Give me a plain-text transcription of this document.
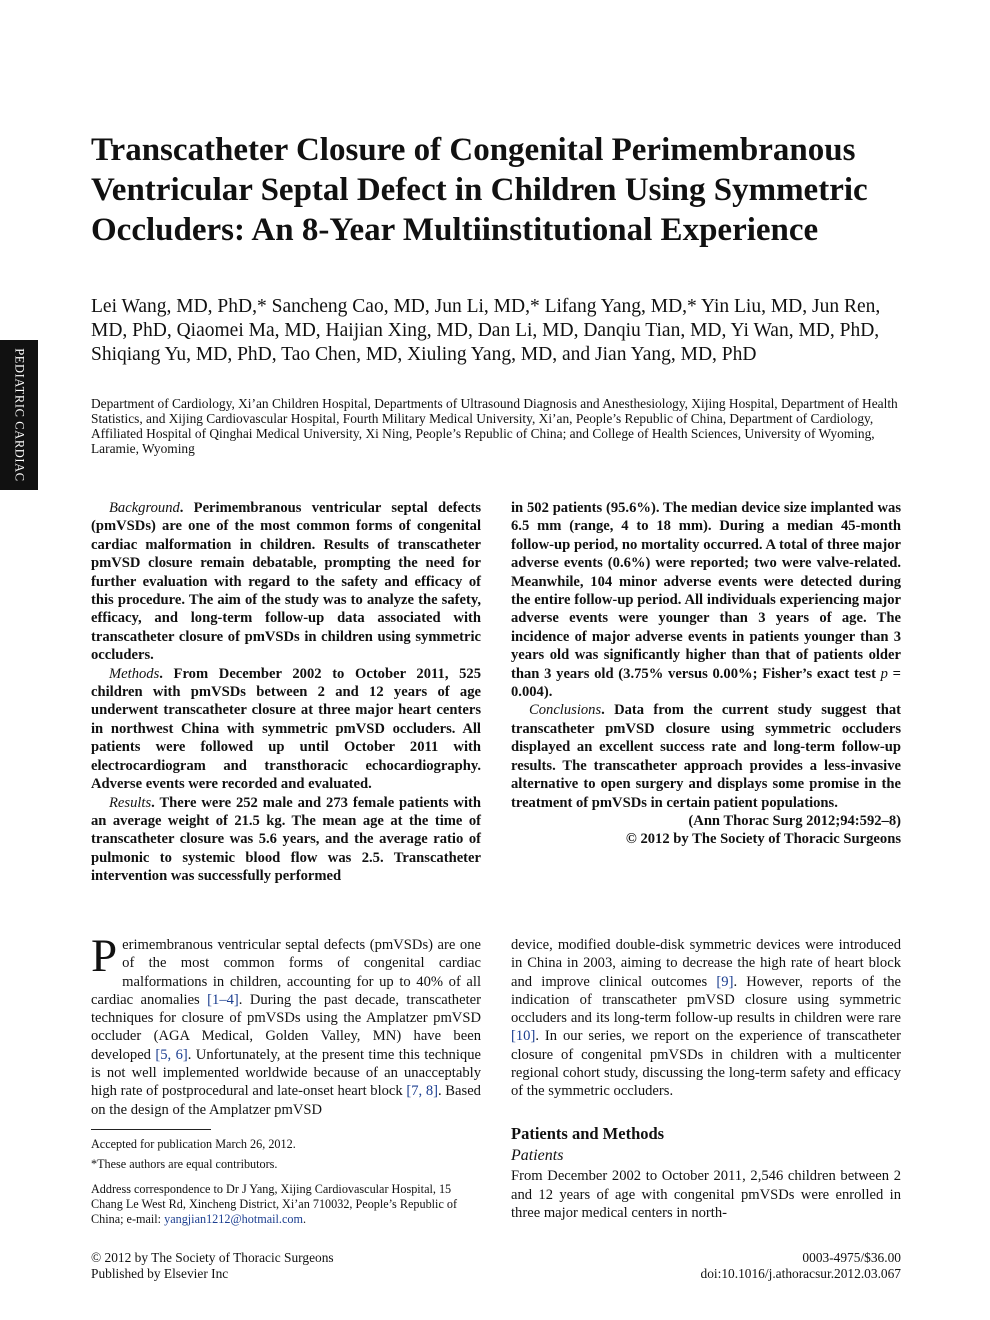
PEDIATRIC CARDIAC
Transcatheter Closure of Congenital Perimembranous Ventricular Septal Defect in Children Using Symmetric Occluders: An 8-Year Multiinstitutional Experience

Lei Wang, MD, PhD,* Sancheng Cao, MD, Jun Li, MD,* Lifang Yang, MD,* Yin Liu, MD, Jun Ren, MD, PhD, Qiaomei Ma, MD, Haijian Xing, MD, Dan Li, MD, Danqiu Tian, MD, Yi Wan, MD, PhD, Shiqiang Yu, MD, PhD, Tao Chen, MD, Xiuling Yang, MD, and Jian Yang, MD, PhD

Department of Cardiology, Xi’an Children Hospital, Departments of Ultrasound Diagnosis and Anesthesiology, Xijing Hospital, Department of Health Statistics, and Xijing Cardiovascular Hospital, Fourth Military Medical University, Xi’an, People’s Republic of China, Department of Cardiology, Affiliated Hospital of Qinghai Medical University, Xi Ning, People’s Republic of China; and College of Health Sciences, University of Wyoming, Laramie, Wyoming

Background. Perimembranous ventricular septal defects (pmVSDs) are one of the most common forms of congenital cardiac malformation in children. Results of transcatheter pmVSD closure remain debatable, prompting the need for further evaluation with regard to the safety and efficacy of this procedure. The aim of the study was to analyze the safety, efficacy, and long-term follow-up data associated with transcatheter closure of pmVSDs in children using symmetric occluders.

Methods. From December 2002 to October 2011, 525 children with pmVSDs between 2 and 12 years of age underwent transcatheter closure at three major heart centers in northwest China with symmetric pmVSD occluders. All patients were followed up until October 2011 with electrocardiogram and transthoracic echocardiography. Adverse events were recorded and evaluated.

Results. There were 252 male and 273 female patients with an average weight of 21.5 kg. The mean age at the time of transcatheter closure was 5.6 years, and the average ratio of pulmonic to systemic blood flow was 2.5. Transcatheter intervention was successfully performed

in 502 patients (95.6%). The median device size implanted was 6.5 mm (range, 4 to 18 mm). During a median 45-month follow-up period, no mortality occurred. A total of three major adverse events (0.6%) were reported; two were valve-related. Meanwhile, 104 minor adverse events were detected during the entire follow-up period. All individuals experiencing major adverse events were younger than 3 years of age. The incidence of major adverse events in patients younger than 3 years old was significantly higher than that of patients older than 3 years old (3.75% versus 0.00%; Fisher’s exact test p = 0.004).

Conclusions. Data from the current study suggest that transcatheter pmVSD closure using symmetric occluders displayed an excellent success rate and long-term follow-up results. The transcatheter approach provides a less-invasive alternative to open surgery and displays some promise in the treatment of pmVSDs in certain patient populations.

(Ann Thorac Surg 2012;94:592–8)

© 2012 by The Society of Thoracic Surgeons

Perimembranous ventricular septal defects (pmVSDs) are one of the most common forms of congenital cardiac malformations in children, accounting for up to 40% of all cardiac anomalies [1–4]. During the past decade, transcatheter techniques for closure of pmVSDs using the Amplatzer pmVSD occluder (AGA Medical, Golden Valley, MN) have been developed [5, 6]. Unfortunately, at the present time this technique is not well implemented worldwide because of an unacceptably high rate of postprocedural and late-onset heart block [7, 8]. Based on the design of the Amplatzer pmVSD

device, modified double-disk symmetric devices were introduced in China in 2003, aiming to decrease the high rate of heart block and improve clinical outcomes [9]. However, reports of the indication of transcatheter pmVSD closure using symmetric occluders and its long-term follow-up results in children were rare [10]. In our series, we report on the experience of transcatheter closure of congenital pmVSDs in children with a multicenter regional cohort study, discussing the long-term safety and efficacy of the symmetric occluders.

Patients and Methods

Patients

From December 2002 to October 2011, 2,546 children between 2 and 12 years of age with congenital pmVSDs were enrolled in three major medical centers in north-

Accepted for publication March 26, 2012.

*These authors are equal contributors.

Address correspondence to Dr J Yang, Xijing Cardiovascular Hospital, 15 Chang Le West Rd, Xincheng District, Xi’an 710032, People’s Republic of China; e-mail: yangjian1212@hotmail.com.

© 2012 by The Society of Thoracic Surgeons
Published by Elsevier Inc
0003-4975/$36.00
doi:10.1016/j.athoracsur.2012.03.067
